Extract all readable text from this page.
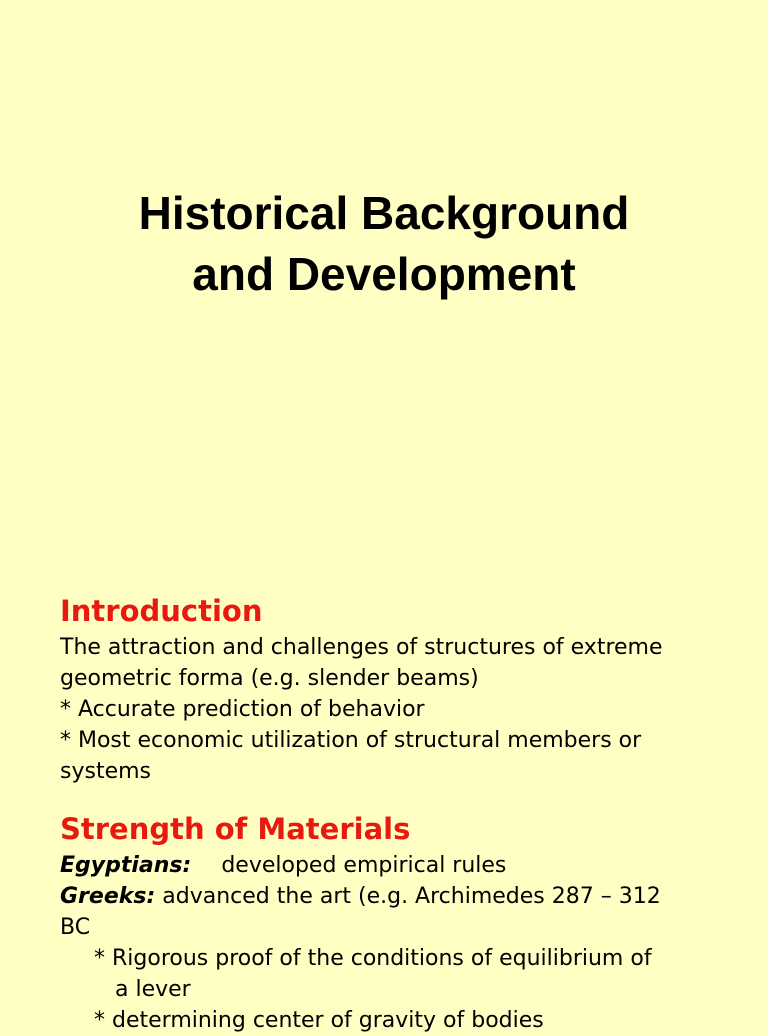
Historical Background
and Development
Introduction

The attraction and challenges of structures of extreme

geometric forma (e.g. slender beams)

* Accurate prediction of behavior

* Most economic utilization of structural members or

systems

Strength of Materials

Egyptians: developed empirical rules

Greeks: advanced the art (e.g. Archimedes 287 – 312

BC

* Rigorous proof of the conditions of equilibrium of

a lever

* determining center of gravity of bodies
